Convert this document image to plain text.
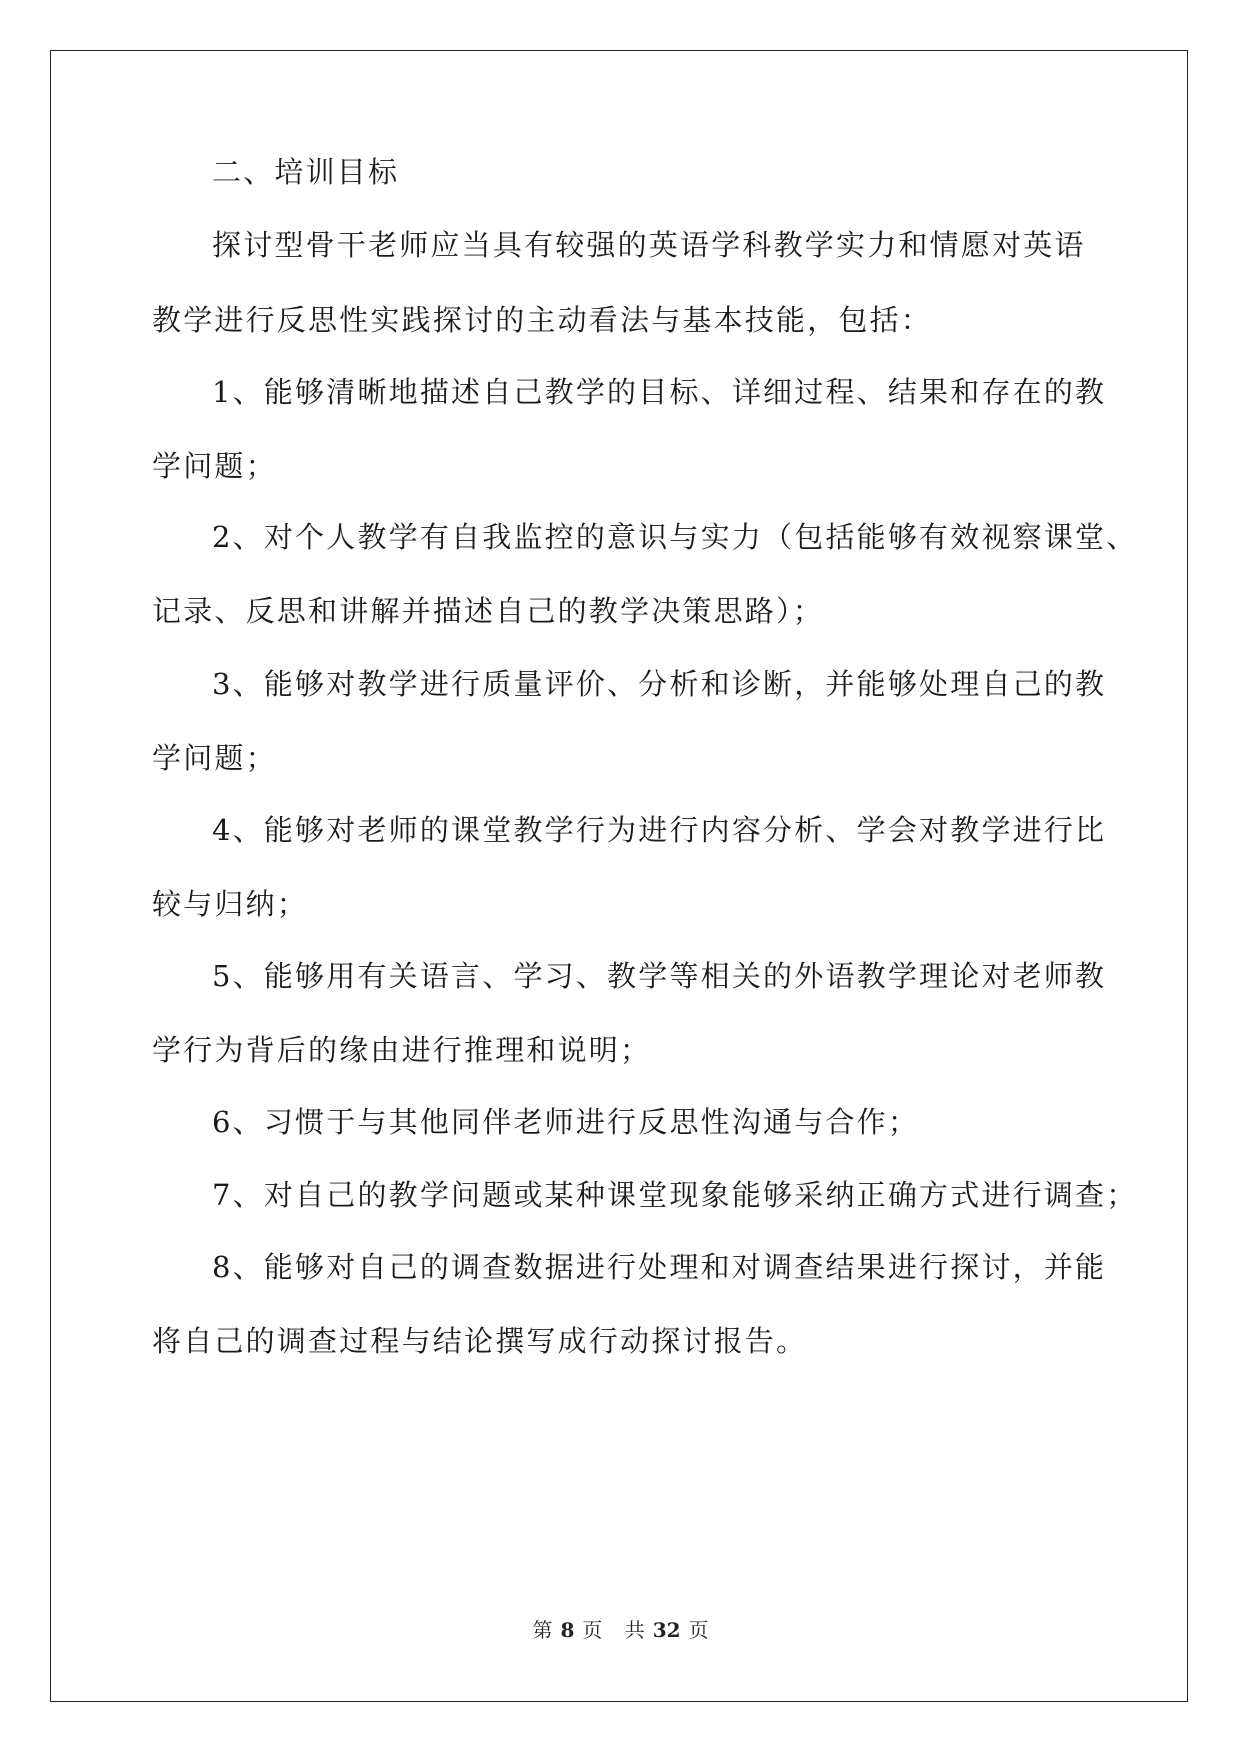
二、培训目标
探讨型骨干老师应当具有较强的英语学科教学实力和情愿对英语
教学进行反思性实践探讨的主动看法与基本技能，包括：
1、能够清晰地描述自己教学的目标、详细过程、结果和存在的教
学问题；
2、对个人教学有自我监控的意识与实力（包括能够有效视察课堂、
记录、反思和讲解并描述自己的教学决策思路）；
3、能够对教学进行质量评价、分析和诊断，并能够处理自己的教
学问题；
4、能够对老师的课堂教学行为进行内容分析、学会对教学进行比
较与归纳；
5、能够用有关语言、学习、教学等相关的外语教学理论对老师教
学行为背后的缘由进行推理和说明；
6、习惯于与其他同伴老师进行反思性沟通与合作；
7、对自己的教学问题或某种课堂现象能够采纳正确方式进行调查；
8、能够对自己的调查数据进行处理和对调查结果进行探讨，并能
将自己的调查过程与结论撰写成行动探讨报告。
第 8 页 共 32 页
